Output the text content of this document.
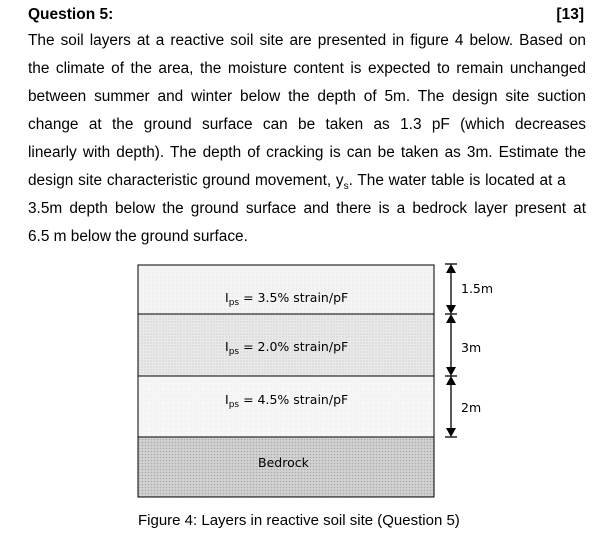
Question 5:	[13]
The soil layers at a reactive soil site are presented in figure 4 below. Based on
the climate of the area, the moisture content is expected to remain unchanged
between summer and winter below the depth of 5m. The design site suction
change at the ground surface can be taken as 1.3 pF (which decreases
linearly with depth). The depth of cracking is can be taken as 3m. Estimate the
design site characteristic ground movement, $y_s$. The water table is located at a
3.5m depth below the ground surface and there is a bedrock layer present at
6.5 m below the ground surface.
$I_{ps} = 3.5\%$ strain/pF
$I_{ps} = 2.0\%$ strain/pF
$I_{ps} = 4.5\%$ strain/pF
Bedrock
1.5m
3m
2m
Figure 4: Layers in reactive soil site (Question 5)
